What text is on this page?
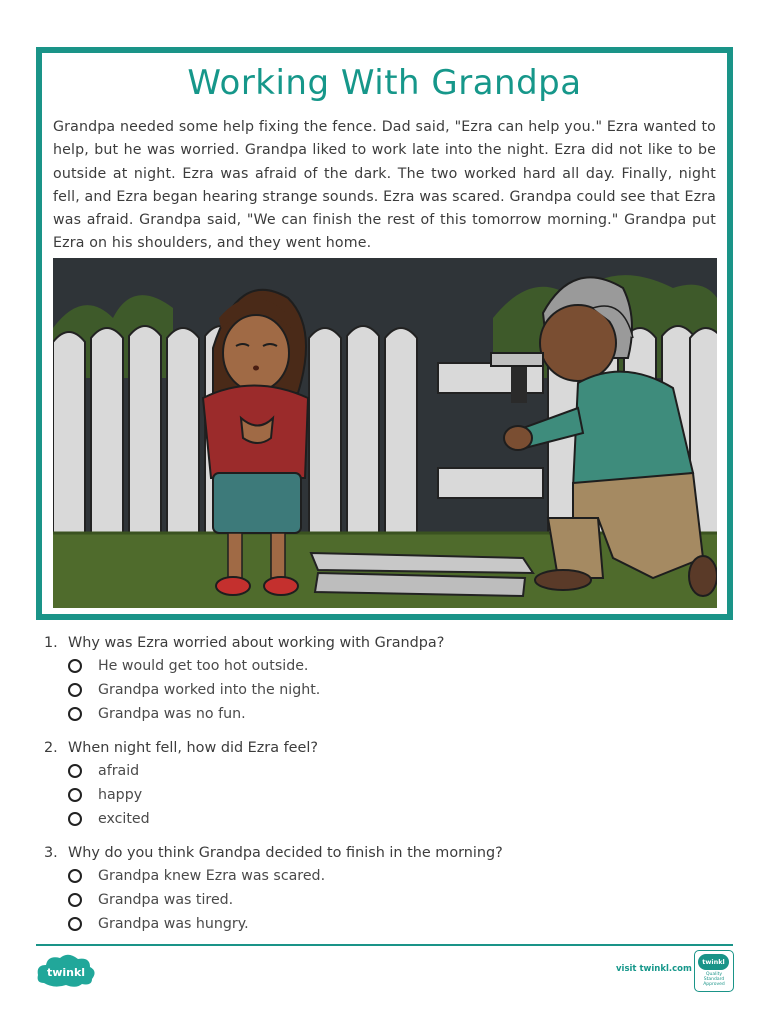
Working With Grandpa

Grandpa needed some help fixing the fence. Dad said, "Ezra can help you." Ezra wanted to help, but he was worried. Grandpa liked to work late into the night. Ezra did not like to be outside at night. Ezra was afraid of the dark. The two worked hard all day. Finally, night fell, and Ezra began hearing strange sounds. Ezra was scared. Grandpa could see that Ezra was afraid. Grandpa said, "We can finish the rest of this tomorrow morning." Grandpa put Ezra on his shoulders, and they went home.

1. Why was Ezra worried about working with Grandpa?
He would get too hot outside.
Grandpa worked into the night.
Grandpa was no fun.
2. When night fell, how did Ezra feel?
afraid
happy
excited
3. Why do you think Grandpa decided to finish in the morning?
Grandpa knew Ezra was scared.
Grandpa was tired.
Grandpa was hungry.
twinkl	visit twinkl.com
twinkl
Quality Standard Approved
